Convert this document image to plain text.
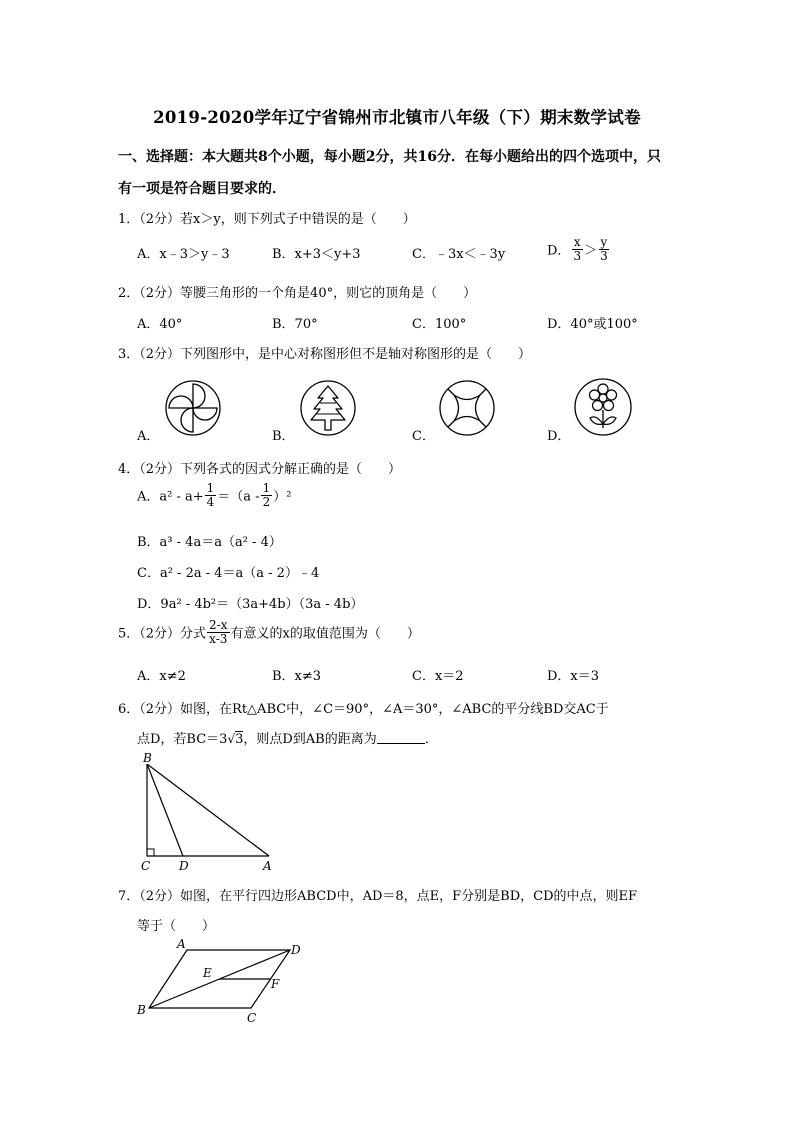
2019-2020学年辽宁省锦州市北镇市八年级（下）期末数学试卷
一、选择题：本大题共8个小题，每小题2分，共16分．在每小题给出的四个选项中，只
有一项是符合题目要求的．
1．（2分）若x＞y，则下列式子中错误的是（　　）
A．x﹣3＞y﹣3	B．x+3＜y+3	C．﹣3x＜﹣3y	D． $\frac{x}{3} > \frac{y}{3}$
2．（2分）等腰三角形的一个角是40°，则它的顶角是（　　）
A．40°	B．70°	C．100°	D．40°或100°
3．（2分）下列图形中，是中心对称图形但不是轴对称图形的是（　　）
A．	B．	C．	D．
4．（2分）下列各式的因式分解正确的是（　　）
A．$a^2 - a+ \frac{1}{4} =(a - \frac{1}{2} )^2$
B．a³ - 4a＝a（a² - 4）
C．a² - 2a - 4＝a（a - 2）﹣4
D．9a² - 4b²＝（3a+4b）（3a - 4b）
5．（2分）分式 $\frac{2-x}{x-3}$ 有意义的x的取值范围为（　　）
A．x≠2	B．x≠3	C．x＝2	D．x＝3
6．（2分）如图，在Rt△ABC中，∠C＝90°，∠A＝30°，∠ABC的平分线BD交AC于
点D，若BC＝3√3，则点D到AB的距离为	．
B
C D	A
7．（2分）如图，在平行四边形ABCD中，AD＝8，点E，F分别是BD，CD的中点，则EF
等于（　　）
A	D
E
F
B
C
